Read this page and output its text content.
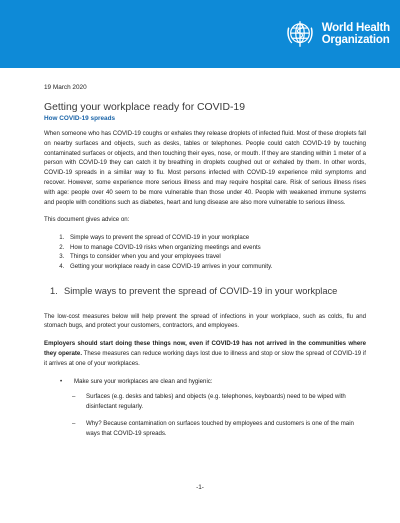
World Health
Organization
19 March 2020
Getting your workplace ready for COVID-19
How COVID-19 spreads

When someone who has COVID-19 coughs or exhales they release droplets of infected fluid. Most of these droplets fall on nearby surfaces and objects, such as desks, tables or telephones. People could catch COVID-19 by touching contaminated surfaces or objects, and then touching their eyes, nose, or mouth. If they are standing within 1 meter of a person with COVID-19 they can catch it by breathing in droplets coughed out or exhaled by them. In other words, COVID-19 spreads in a similar way to flu. Most persons infected with COVID-19 experience mild symptoms and recover. However, some experience more serious illness and may require hospital care. Risk of serious illness rises with age: people over 40 seem to be more vulnerable than those under 40. People with weakened immune systems and people with conditions such as diabetes, heart and lung disease are also more vulnerable to serious illness.

This document gives advice on:

1. Simple ways to prevent the spread of COVID-19 in your workplace
2. How to manage COVID-19 risks when organizing meetings and events
3. Things to consider when you and your employees travel
4. Getting your workplace ready in case COVID-19 arrives in your community.
1. Simple ways to prevent the spread of COVID-19 in your workplace

The low-cost measures below will help prevent the spread of infections in your workplace, such as colds, flu and stomach bugs, and protect your customers, contractors, and employees.

Employers should start doing these things now, even if COVID-19 has not arrived in the communities where they operate. These measures can reduce working days lost due to illness and stop or slow the spread of COVID-19 if it arrives at one of your workplaces.

•	Make sure your workplaces are clean and hygienic:
–	Surfaces (e.g. desks and tables) and objects (e.g. telephones, keyboards) need to be wiped with disinfectant regularly.
–	Why? Because contamination on surfaces touched by employees and customers is one of the main ways that COVID-19 spreads.
-1-
